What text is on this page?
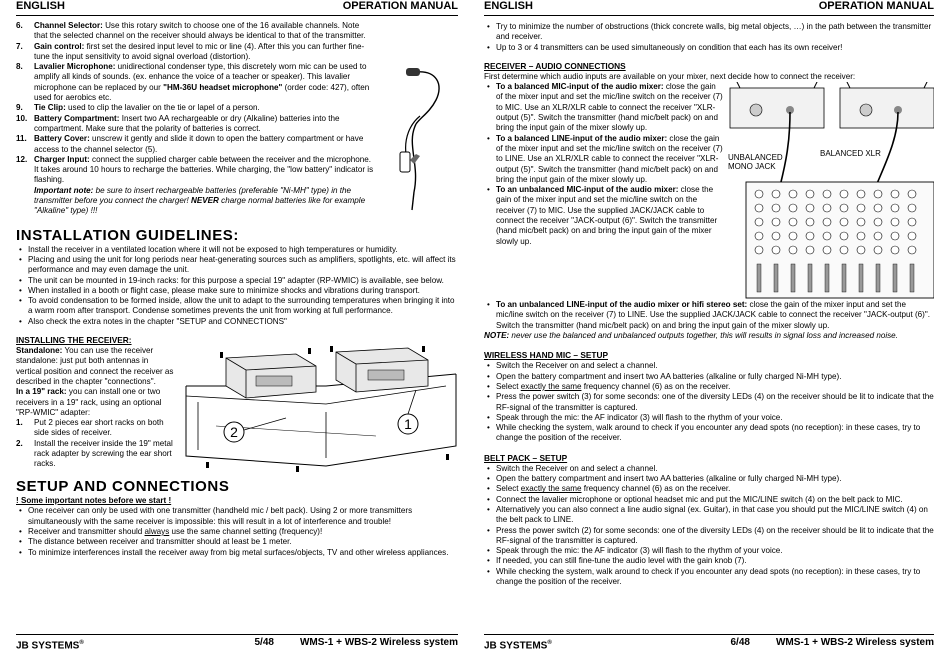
ENGLISH	OPERATION MANUAL
6. Channel Selector: Use this rotary switch to choose one of the 16 available channels. Note that the selected channel on the receiver should always be identical to that of the transmitter.
7. Gain control: first set the desired input level to mic or line (4). After this you can further fine-tune the input sensitivity to avoid signal overload (distortion).
8. Lavalier Microphone: unidirectional condenser type, this discretely worn mic can be used to amplify all kinds of sounds. (ex. enhance the voice of a teacher or speaker). This lavalier microphone can be replaced by our "HM-36U headset microphone" (order code: 427), often used for aerobics etc.
9. Tie Clip: used to clip the lavalier on the tie or lapel of a person.
10. Battery Compartment: Insert two AA rechargeable or dry (Alkaline) batteries into the compartment. Make sure that the polarity of batteries is correct.
11. Battery Cover: unscrew it gently and slide it down to open the battery compartment or have access to the channel selector (5).
12. Charger Input: connect the supplied charger cable between the receiver and the microphone. It takes around 10 hours to recharge the batteries. While charging, the "low battery" indicator is flashing.
Important note: be sure to insert rechargeable batteries (preferable "Ni-MH" type) in the transmitter before you connect the charger! NEVER charge normal batteries like for example "Alkaline" type) !!!
INSTALLATION GUIDELINES:
• Install the receiver in a ventilated location where it will not be exposed to high temperatures or humidity.
• Placing and using the unit for long periods near heat-generating sources such as amplifiers, spotlights, etc. will affect its performance and may even damage the unit.
• The unit can be mounted in 19-inch racks: for this purpose a special 19" adapter (RP-WMIC) is available, see below.
• When installed in a booth or flight case, please make sure to minimize shocks and vibrations during transport.
• To avoid condensation to be formed inside, allow the unit to adapt to the surrounding temperatures when bringing it into a warm room after transport. Condense sometimes prevents the unit from working at full performance.
• Also check the extra notes in the chapter "SETUP and CONNECTIONS"
INSTALLING THE RECEIVER:
2	1

Standalone: You can use the receiver standalone: just put both antennas in vertical position and connect the receiver as described in the chapter "connections".

In a 19" rack: you can install one or two receivers in a 19" rack, using an optional "RP-WMIC" adapter:

1. Put 2 pieces ear short racks on both side sides of receiver.
2. Install the receiver inside the 19" metal rack adapter by screwing the ear short racks.
SETUP AND CONNECTIONS
! Some important notes before we start !
• One receiver can only be used with one transmitter (handheld mic / belt pack). Using 2 or more transmitters simultaneously with the same receiver is impossible: this will result in a lot of interference and trouble!
• Receiver and transmitter should always use the same channel setting (frequency)!
• The distance between receiver and transmitter should at least be 1 meter.
• To minimize interferences install the receiver away from big metal surfaces/objects, TV and other wireless appliances.
JB SYSTEMS®	5/48	WMS-1 + WBS-2 Wireless system
ENGLISH	OPERATION MANUAL
• Try to minimize the number of obstructions (thick concrete walls, big metal objects, …) in the path between the transmitter and receiver.
• Up to 3 or 4 transmitters can be used simultaneously on condition that each has its own receiver!
RECEIVER – AUDIO CONNECTIONS
First determine which audio inputs are available on your mixer, next decide how to connect the receiver:
UNBALANCED MONO JACK
BALANCED XLR
• To a balanced MIC-input of the audio mixer: close the gain of the mixer input and set the mic/line switch on the receiver (7) to MIC. Use an XLR/XLR cable to connect the receiver "XLR-output (5)". Switch the transmitter (hand mic/belt pack) on and bring the input gain of the mixer slowly up.
• To a balanced LINE-input of the audio mixer: close the gain of the mixer input and set the mic/line switch on the receiver (7) to LINE. Use an XLR/XLR cable to connect the receiver "XLR-output (5)". Switch the transmitter (hand mic/belt pack) on and bring the input gain of the mixer slowly up.
• To an unbalanced MIC-input of the audio mixer: close the gain of the mixer input and set the mic/line switch on the receiver (7) to MIC. Use the supplied JACK/JACK cable to connect the receiver "JACK-output (6)". Switch the transmitter (hand mic/belt pack) on and bring the input gain of the mixer slowly up.
• To an unbalanced LINE-input of the audio mixer or hifi stereo set: close the gain of the mixer input and set the mic/line switch on the receiver (7) to LINE. Use the supplied JACK/JACK cable to connect the receiver "JACK-output (6)". Switch the transmitter (hand mic/belt pack) on and bring the input gain of the mixer slowly up.
NOTE: never use the balanced and unbalanced outputs together, this will results in signal loss and increased noise.
WIRELESS HAND MIC – SETUP
• Switch the Receiver on and select a channel.
• Open the battery compartment and insert two AA batteries (alkaline or fully charged Ni-MH type).
• Select exactly the same frequency channel (6) as on the receiver.
• Press the power switch (3) for some seconds: one of the diversity LEDs (4) on the receiver should be lit to indicate that the RF-signal of the transmitter is captured.
• Speak through the mic: the AF indicator (3) will flash to the rhythm of your voice.
• While checking the system, walk around to check if you encounter any dead spots (no reception): in these cases, try to change the position of the receiver.
BELT PACK – SETUP
• Switch the Receiver on and select a channel.
• Open the battery compartment and insert two AA batteries (alkaline or fully charged Ni-MH type).
• Select exactly the same frequency channel (6) as on the receiver.
• Connect the lavalier microphone or optional headset mic and put the MIC/LINE switch (4) on the belt pack to MIC.
• Alternatively you can also connect a line audio signal (ex. Guitar), in that case you should put the MIC/LINE switch (4) on the belt pack to LINE.
• Press the power switch (2) for some seconds: one of the diversity LEDs (4) on the receiver should be lit to indicate that the RF-signal of the transmitter is captured.
• Speak through the mic: the AF indicator (3) will flash to the rhythm of your voice.
• If needed, you can still fine-tune the audio level with the gain knob (7).
• While checking the system, walk around to check if you encounter any dead spots (no reception): in these cases, try to change the position of the receiver.
JB SYSTEMS®	6/48	WMS-1 + WBS-2 Wireless system
